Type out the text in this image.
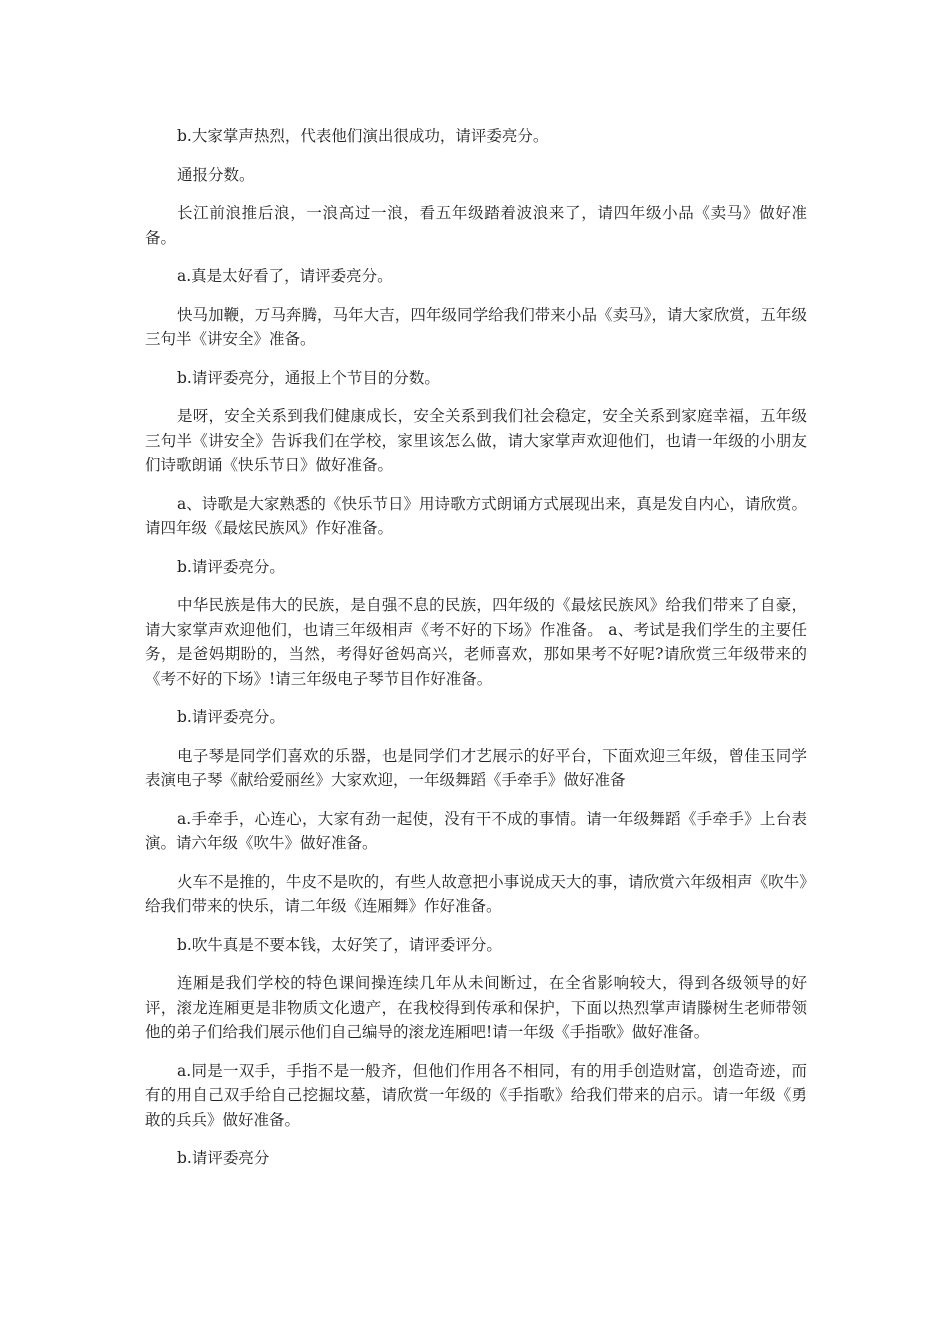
b.大家掌声热烈，代表他们演出很成功，请评委亮分。

通报分数。

长江前浪推后浪，一浪高过一浪，看五年级踏着波浪来了，请四年级小品《卖马》做好准备。

a.真是太好看了，请评委亮分。

快马加鞭，万马奔腾，马年大吉，四年级同学给我们带来小品《卖马》，请大家欣赏，五年级三句半《讲安全》准备。

b.请评委亮分，通报上个节目的分数。

是呀，安全关系到我们健康成长，安全关系到我们社会稳定，安全关系到家庭幸福，五年级三句半《讲安全》告诉我们在学校，家里该怎么做，请大家掌声欢迎他们，也请一年级的小朋友们诗歌朗诵《快乐节日》做好准备。

a、诗歌是大家熟悉的《快乐节日》用诗歌方式朗诵方式展现出来，真是发自内心，请欣赏。请四年级《最炫民族风》作好准备。

b.请评委亮分。

中华民族是伟大的民族，是自强不息的民族，四年级的《最炫民族风》给我们带来了自豪，请大家掌声欢迎他们，也请三年级相声《考不好的下场》作准备。 a、考试是我们学生的主要任务，是爸妈期盼的，当然，考得好爸妈高兴，老师喜欢，那如果考不好呢?请欣赏三年级带来的《考不好的下场》!请三年级电子琴节目作好准备。

b.请评委亮分。

电子琴是同学们喜欢的乐器，也是同学们才艺展示的好平台，下面欢迎三年级，曾佳玉同学表演电子琴《献给爱丽丝》大家欢迎，一年级舞蹈《手牵手》做好准备

a.手牵手，心连心，大家有劲一起使，没有干不成的事情。请一年级舞蹈《手牵手》上台表演。请六年级《吹牛》做好准备。

火车不是推的，牛皮不是吹的，有些人故意把小事说成天大的事，请欣赏六年级相声《吹牛》给我们带来的快乐，请二年级《连厢舞》作好准备。

b.吹牛真是不要本钱，太好笑了，请评委评分。

连厢是我们学校的特色课间操连续几年从未间断过，在全省影响较大，得到各级领导的好评，滚龙连厢更是非物质文化遗产，在我校得到传承和保护，下面以热烈掌声请滕树生老师带领他的弟子们给我们展示他们自己编导的滚龙连厢吧!请一年级《手指歌》做好准备。

a.同是一双手，手指不是一般齐，但他们作用各不相同，有的用手创造财富，创造奇迹，而有的用自己双手给自己挖掘坟墓，请欣赏一年级的《手指歌》给我们带来的启示。请一年级《勇敢的兵兵》做好准备。

b.请评委亮分
